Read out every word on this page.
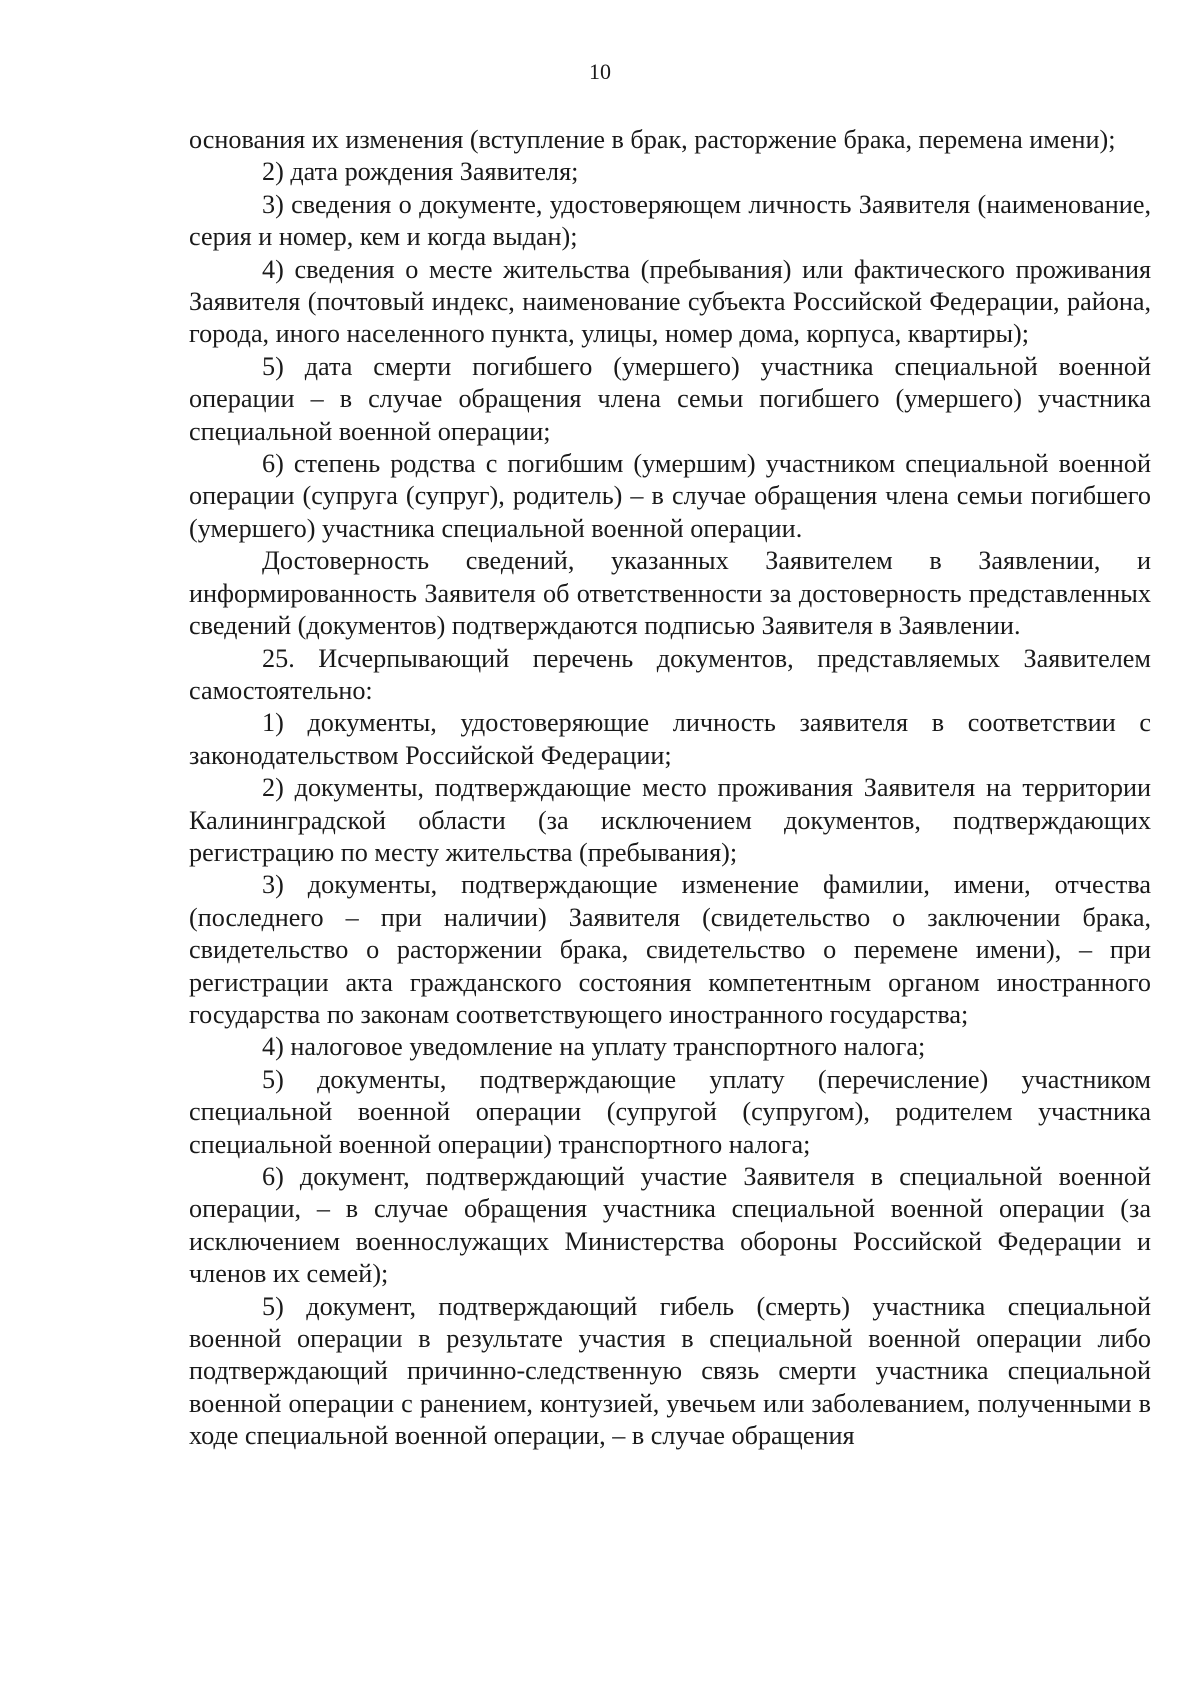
10

основания их изменения (вступление в брак, расторжение брака, перемена имени);

2) дата рождения Заявителя;

3) сведения о документе, удостоверяющем личность Заявителя (наименование, серия и номер, кем и когда выдан);

4) сведения о месте жительства (пребывания) или фактического проживания Заявителя (почтовый индекс, наименование субъекта Российской Федерации, района, города, иного населенного пункта, улицы, номер дома, корпуса, квартиры);

5) дата смерти погибшего (умершего) участника специальной военной операции – в случае обращения члена семьи погибшего (умершего) участника специальной военной операции;

6) степень родства с погибшим (умершим) участником специальной военной операции (супруга (супруг), родитель) – в случае обращения члена семьи погибшего (умершего) участника специальной военной операции.

Достоверность сведений, указанных Заявителем в Заявлении, и информированность Заявителя об ответственности за достоверность представленных сведений (документов) подтверждаются подписью Заявителя в Заявлении.

25. Исчерпывающий перечень документов, представляемых Заявителем самостоятельно:

1) документы, удостоверяющие личность заявителя в соответствии с законодательством Российской Федерации;

2) документы, подтверждающие место проживания Заявителя на территории Калининградской области (за исключением документов, подтверждающих регистрацию по месту жительства (пребывания);

3) документы, подтверждающие изменение фамилии, имени, отчества (последнего – при наличии) Заявителя (свидетельство о заключении брака, свидетельство о расторжении брака, свидетельство о перемене имени), – при регистрации акта гражданского состояния компетентным органом иностранного государства по законам соответствующего иностранного государства;

4) налоговое уведомление на уплату транспортного налога;

5) документы, подтверждающие уплату (перечисление) участником специальной военной операции (супругой (супругом), родителем участника специальной военной операции) транспортного налога;

6) документ, подтверждающий участие Заявителя в специальной военной операции, – в случае обращения участника специальной военной операции (за исключением военнослужащих Министерства обороны Российской Федерации и членов их семей);

5) документ, подтверждающий гибель (смерть) участника специальной военной операции в результате участия в специальной военной операции либо подтверждающий причинно-следственную связь смерти участника специальной военной операции с ранением, контузией, увечьем или заболеванием, полученными в ходе специальной военной операции, – в случае обращения
